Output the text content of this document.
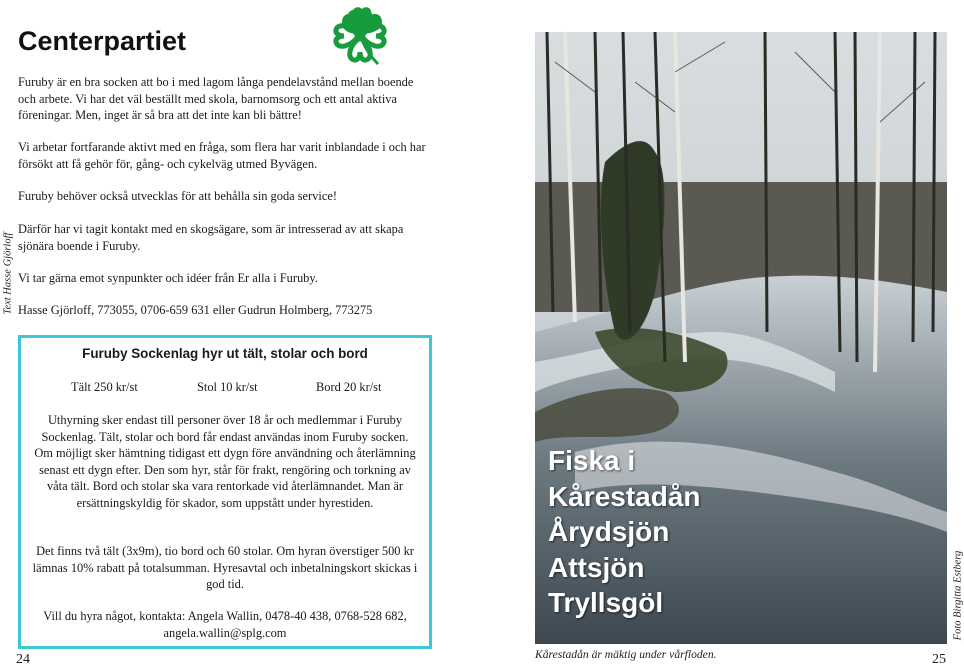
Centerpartiet

Furuby är en bra socken att bo i med lagom långa pendelavstånd mellan boende och arbete. Vi har det väl beställt med skola, barnomsorg och ett antal aktiva föreningar. Men, inget är så bra att det inte kan bli bättre!

Vi arbetar fortfarande aktivt med en fråga, som flera har varit inblandade i och har försökt att få gehör för, gång- och cykelväg utmed Byvägen.

Furuby behöver också utvecklas för att behålla sin goda service!

Därför har vi tagit kontakt med en skogsägare, som är intresserad av att skapa sjönära boende i Furuby.

Vi tar gärna emot synpunkter och idéer från Er alla i Furuby.

Hasse Gjörloff, 773055, 0706-659 631 eller Gudrun Holmberg, 773275

Text Hasse Gjörloff
Furuby Sockenlag hyr ut tält, stolar och bord
Tält 250 kr/st	Stol 10 kr/st	Bord 20 kr/st

Uthyrning sker endast till personer över 18 år och medlemmar i Furuby Sockenlag. Tält, stolar och bord får endast användas inom Furuby socken. Om möjligt sker hämtning tidigast ett dygn före användning och återlämning senast ett dygn efter. Den som hyr, står för frakt, rengöring och torkning av våta tält. Bord och stolar ska vara rentorkade vid återlämnandet. Man är ersättningskyldig för skador, som uppstått under hyrestiden.

Det finns två tält (3x9m), tio bord och 60 stolar. Om hyran överstiger 500 kr lämnas 10% rabatt på totalsumman. Hyresavtal och inbetalningskort skickas i god tid.

Vill du hyra något, kontakta: Angela Wallin, 0478-40 438, 0768-528 682, angela.wallin@splg.com

24
Fiska i
Kårestadån
Årydsjön
Attsjön
Tryllsgöl

Kårestadån är mäktig under vårfloden.

Foto Birgitta Estberg
25
